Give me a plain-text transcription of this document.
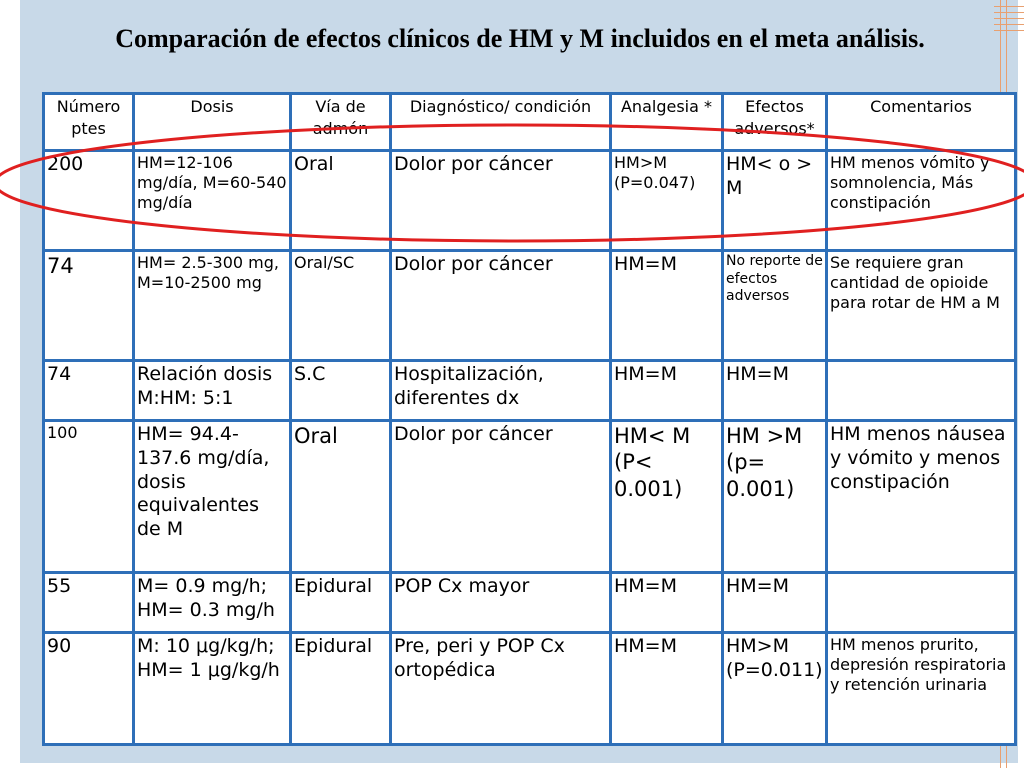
Comparación de efectos clínicos de HM y M incluidos en el meta análisis.
Número ptes	Dosis	Vía de admón	Diagnóstico/ condición	Analgesia *	Efectos adversos*	Comentarios
200	HM=12-106 mg/día, M=60-540 mg/día	Oral	Dolor por cáncer	HM>M (P=0.047)	HM< o > M	HM menos vómito y somnolencia, Más constipación
74	HM= 2.5-300 mg, M=10-2500 mg	Oral/SC	Dolor por cáncer	HM=M	No reporte de efectos adversos	Se requiere gran cantidad de opioide para rotar de HM a M
74	Relación dosis M:HM: 5:1	S.C	Hospitalización, diferentes dx	HM=M	HM=M	
100	HM= 94.4-137.6 mg/día, dosis equivalentes de M	Oral	Dolor por cáncer	HM< M (P< 0.001)	HM >M (p= 0.001)	HM menos náusea y vómito y menos constipación
55	M= 0.9 mg/h; HM= 0.3 mg/h	Epidural	POP Cx mayor	HM=M	HM=M	
90	M: 10 μg/kg/h; HM= 1 μg/kg/h	Epidural	Pre, peri y POP Cx ortopédica	HM=M	HM>M (P=0.011)	HM menos prurito, depresión respiratoria y retención urinaria
